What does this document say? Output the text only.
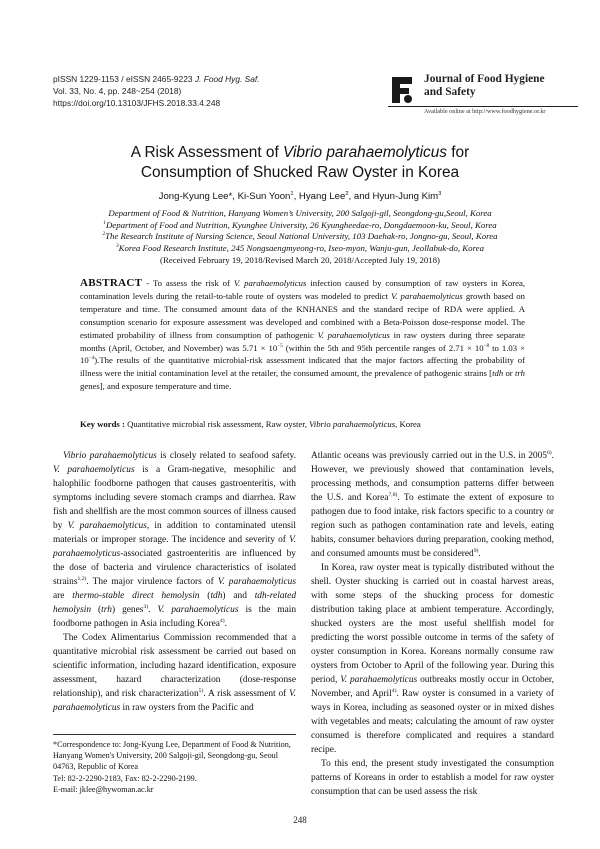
pISSN 1229-1153 / eISSN 2465-9223 J. Food Hyg. Saf.
Vol. 33, No. 4, pp. 248~254 (2018)
https://doi.org/10.13103/JFHS.2018.33.4.248
Journal of Food Hygiene
and Safety
Available online at http://www.foodhygiene.or.kr
A Risk Assessment of Vibrio parahaemolyticus for
Consumption of Shucked Raw Oyster in Korea
Jong-Kyung Lee*, Ki-Sun Yoon$^1$, Hyang Lee$^2$, and Hyun-Jung Kim$^3$
Department of Food & Nutrition, Hanyang Women’s University, 200 Salgoji-gil, Seongdong-gu,Seoul, Korea
$^1$Department of Food and Nutrition, Kyunghee University, 26 Kyungheedae-ro, Dongdaemoon-ku, Seoul, Korea
$^2$The Research Institute of Nursing Science, Seoul National University, 103 Daehak-ro, Jongno-gu, Seoul, Korea
$^3$Korea Food Research Institute, 245 Nongsaengmyeong-ro, Iseo-myon, Wanju-gun, Jeollabuk-do, Korea
(Received February 19, 2018/Revised March 20, 2018/Accepted July 19, 2018)
ABSTRACT - To assess the risk of V. parahaemolyticus infection caused by consumption of raw oysters in Korea, contamination levels during the retail-to-table route of oysters was modeled to predict V. parahaemolyticus growth based on temperature and time. The consumed amount data of the KNHANES and the standard recipe of RDA were applied. A consumption scenario for exposure assessment was developed and combined with a Beta-Poisson dose-response model. The estimated probability of illness from consumption of pathogenic V. parahaemolyticus in raw oysters during three separate months (April, October, and November) was $5.71 \times 10^{-5}$ (within the 5th and 95th percentile ranges of $2.71 \times 10^{-8}$ to $1.03 \times 10^{-4}).The$ results of the quantitative microbial-risk assessment indicated that the major factors affecting the probability of illness were the initial contamination level at the retailer, the consumed amount, the prevalence of pathogenic strains [tdh or trh genes], and exposure temperature and time.
Key words : Quantitative microbial risk assessment, Raw oyster, Vibrio parahaemolyticus, Korea

Vibrio parahaemolyticus is closely related to seafood safety. V. parahaemolyticus is a Gram-negative, mesophilic and halophilic foodborne pathogen that causes gastroenteritis, with symptoms including severe stomach cramps and diarrhea. Raw fish and shellfish are the most common sources of illness caused by V. parahaemolyticus, in addition to contaminated utensil materials or improper storage. The incidence and severity of V. parahaemolyticus-associated gastroenteritis are influenced by the dose of bacteria and virulence characteristics of isolated strains$^{1,2)}$. The major virulence factors of V. parahaemolyticus are thermo-stable direct hemolysin (tdh) and tdh-related hemolysin (trh) genes$^{3)}$. V. parahaemolyticus is the main foodborne pathogen in Asia including Korea$^{4)}$.

The Codex Alimentarius Commission recommended that a quantitative microbial risk assessment be carried out based on scientific information, including hazard identification, exposure assessment, hazard characterization (dose-response relationship), and risk characterization$^{5)}$. A risk assessment of V. parahaemolyticus in raw oysters from the Pacific and

Atlantic oceans was previously carried out in the U.S. in 2005$^{6)}$. However, we previously showed that contamination levels, processing methods, and consumption patterns differ between the U.S. and Korea$^{7,8)}$. To estimate the extent of exposure to pathogen due to food intake, risk factors specific to a country or region such as pathogen contamination rate and levels, eating habits, consumer behaviors during preparation, cooking method, and consumed amounts must be considered$^{9)}$.

In Korea, raw oyster meat is typically distributed without the shell. Oyster shucking is carried out in coastal harvest areas, with some steps of the shucking process for domestic distribution taking place at ambient temperature. Accordingly, shucked oysters are the most useful shellfish model for predicting the worst possible outcome in terms of the safety of oyster consumption in Korea. Koreans normally consume raw oysters from October to April of the following year. During this period, V. parahaemolyticus outbreaks mostly occur in October, November, and April$^{4)}$. Raw oyster is consumed in a variety of ways in Korea, including as seasoned oyster or in mixed dishes with vegetables and meats; calculating the amount of raw oyster consumed is therefore complicated and requires a standard recipe.

To this end, the present study investigated the consumption patterns of Koreans in order to establish a model for raw oyster consumption that can be used assess the risk

*Correspondence to: Jong-Kyung Lee, Department of Food & Nutrition, Hanyang Women's University, 200 Salgoji-gil, Seongdong-gu, Seoul 04763, Republic of Korea
Tel: 82-2-2290-2183, Fax: 82-2-2290-2199.
E-mail: jklee@hywoman.ac.kr
248
